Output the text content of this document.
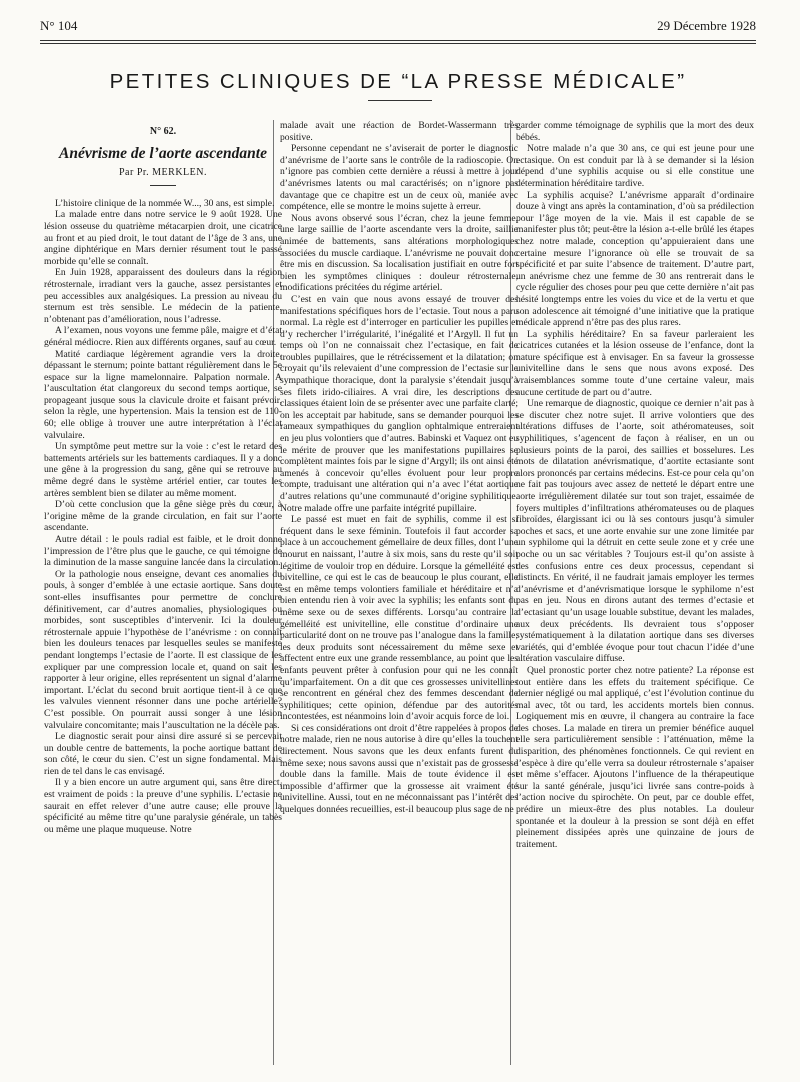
N° 104	29 Décembre 1928
PETITES CLINIQUES DE “LA PRESSE MÉDICALE”
N° 62.
Anévrisme de l’aorte ascendante
Par Pr. MERKLEN.

L’histoire clinique de la nommée W..., 30 ans, est simple.

La malade entre dans notre service le 9 août 1928. Une lésion osseuse du quatrième métacarpien droit, une cicatrice au front et au pied droit, le tout datant de l’âge de 3 ans, une angine diphtérique en Mars dernier résument tout le passé morbide qu’elle se connaît.

En Juin 1928, apparaissent des douleurs dans la région rétrosternale, irradiant vers la gauche, assez persistantes et peu accessibles aux analgésiques. La pression au niveau du sternum est très sensible. Le médecin de la patiente, n’obtenant pas d’amélioration, nous l’adresse.

A l’examen, nous voyons une femme pâle, maigre et d’état général médiocre. Rien aux différents organes, sauf au cœur.

Matité cardiaque légèrement agrandie vers la droite, dépassant le sternum; pointe battant régulièrement dans le 5e espace sur la ligne mamelonnaire. Palpation normale. A l’auscultation état clangoreux du second temps aortique, se propageant jusque sous la clavicule droite et faisant prévoir, selon la règle, une hypertension. Mais la tension est de 110-60; elle oblige à trouver une autre interprétation à l’éclat valvulaire.

Un symptôme peut mettre sur la voie : c’est le retard des battements artériels sur les battements cardiaques. Il y a donc une gêne à la progression du sang, gêne qui se retrouve au même degré dans le système artériel entier, car toutes les artères semblent bien se dilater au même moment.

D’où cette conclusion que la gêne siège près du cœur, à l’origine même de la grande circulation, en fait sur l’aorte ascendante.

Autre détail : le pouls radial est faible, et le droit donne l’impression de l’être plus que le gauche, ce qui témoigne de la diminution de la masse sanguine lancée dans la circulation.

Or la pathologie nous enseigne, devant ces anomalies du pouls, à songer d’emblée à une ectasie aortique. Sans doute sont-elles insuffisantes pour permettre de conclure définitivement, car d’autres anomalies, physiologiques ou morbides, sont susceptibles d’intervenir. Ici la douleur rétrosternale appuie l’hypothèse de l’anévrisme : on connaît bien les douleurs tenaces par lesquelles seules se manifeste pendant longtemps l’ectasie de l’aorte. Il est classique de les expliquer par une compression locale et, quand on sait les rapporter à leur origine, elles représentent un signal d’alarme important. L’éclat du second bruit aortique tient-il à ce que les valvules viennent résonner dans une poche artérielle? C’est possible. On pourrait aussi songer à une lésion valvulaire concomitante; mais l’auscultation ne la décèle pas.

Le diagnostic serait pour ainsi dire assuré si se percevait un double centre de battements, la poche aortique battant de son côté, le cœur du sien. C’est un signe fondamental. Mais rien de tel dans le cas envisagé.

Il y a bien encore un autre argument qui, sans être direct, est vraiment de poids : la preuve d’une syphilis. L’ectasie ne saurait en effet relever d’une autre cause; elle prouve la spécificité au même titre qu’une paralysie générale, un tabès ou même une plaque muqueuse. Notre

malade avait une réaction de Bordet-Wassermann très positive.

Personne cependant ne s’aviserait de porter le diagnostic d’anévrisme de l’aorte sans le contrôle de la radioscopie. On n’ignore pas combien cette dernière a réussi à mettre à jour d’anévrismes latents ou mal caractérisés; on n’ignore pas davantage que ce chapitre est un de ceux où, maniée avec compétence, elle se montre le moins sujette à erreur.

Nous avons observé sous l’écran, chez la jeune femme, une large saillie de l’aorte ascendante vers la droite, saillie animée de battements, sans altérations morphologiques associées du muscle cardiaque. L’anévrisme ne pouvait donc être mis en discussion. Sa localisation justifiait en outre fort bien les symptômes cliniques : douleur rétrosternale, modifications précitées du régime artériel.

C’est en vain que nous avons essayé de trouver des manifestations spécifiques hors de l’ectasie. Tout nous a paru normal. La règle est d’interroger en particulier les pupilles et d’y rechercher l’irrégularité, l’inégalité et l’Argyll. Il fut un temps où l’on ne connaissait chez l’ectasique, en fait de troubles pupillaires, que le rétrécissement et la dilatation; on croyait qu’ils relevaient d’une compression de l’ectasie sur le sympathique thoracique, dont la paralysie s’étendait jusqu’à ses filets irido-ciliaires. A vrai dire, les descriptions des classiques étaient loin de se présenter avec une parfaite clarté; on les acceptait par habitude, sans se demander pourquoi les rameaux sympathiques du ganglion ophtalmique entreraient en jeu plus volontiers que d’autres. Babinski et Vaquez ont eu le mérite de prouver que les manifestations pupillaires se complètent maintes fois par le signe d’Argyll; ils ont ainsi été amenés à concevoir qu’elles évoluent pour leur propre compte, traduisant une altération qui n’a avec l’état aortique d’autres relations qu’une communauté d’origine syphilitique. Notre malade offre une parfaite intégrité pupillaire.

Le passé est muet en fait de syphilis, comme il est si fréquent dans le sexe féminin. Toutefois il faut accorder sa place à un accouchement gémellaire de deux filles, dont l’une mourut en naissant, l’autre à six mois, sans du reste qu’il soit légitime de vouloir trop en déduire. Lorsque la gémelléité est bivitelline, ce qui est le cas de beaucoup le plus courant, elle est en même temps volontiers familiale et héréditaire et n’a bien entendu rien à voir avec la syphilis; les enfants sont du même sexe ou de sexes différents. Lorsqu’au contraire la gémelléité est univitelline, elle constitue d’ordinaire une particularité dont on ne trouve pas l’analogue dans la famille; les deux produits sont nécessairement du même sexe et affectent entre eux une grande ressemblance, au point que les enfants peuvent prêter à confusion pour qui ne les connaît qu’imparfaitement. On a dit que ces grossesses univitellines se rencontrent en général chez des femmes descendant de syphilitiques; cette opinion, défendue par des autorités incontestées, est néanmoins loin d’avoir acquis force de loi.

Si ces considérations ont droit d’être rappelées à propos de notre malade, rien ne nous autorise à dire qu’elles la touchent directement. Nous savons que les deux enfants furent du même sexe; nous savons aussi que n’existait pas de grossesse double dans la famille. Mais de toute évidence il est impossible d’affirmer que la grossesse ait vraiment été univitelline. Aussi, tout en ne méconnaissant pas l’intérêt des quelques données recueillies, est-il beaucoup plus sage de ne

garder comme témoignage de syphilis que la mort des deux bébés.

Notre malade n’a que 30 ans, ce qui est jeune pour une ectasique. On est conduit par là à se demander si la lésion dépend d’une syphilis acquise ou si elle constitue une détermination héréditaire tardive.

La syphilis acquise? L’anévrisme apparaît d’ordinaire douze à vingt ans après la contamination, d’où sa prédilection pour l’âge moyen de la vie. Mais il est capable de se manifester plus tôt; peut-être la lésion a-t-elle brûlé les étapes chez notre malade, conception qu’appuieraient dans une certaine mesure l’ignorance où elle se trouvait de sa spécificité et par suite l’absence de traitement. D’autre part, un anévrisme chez une femme de 30 ans rentrerait dans le cycle régulier des choses pour peu que cette dernière n’ait pas hésité longtemps entre les voies du vice et de la vertu et que son adolescence ait témoigné d’une initiative que la pratique médicale apprend n’être pas des plus rares.

La syphilis héréditaire? En sa faveur parleraient les cicatrices cutanées et la lésion osseuse de l’enfance, dont la nature spécifique est à envisager. En sa faveur la grossesse univitelline dans le sens que nous avons exposé. Des vraisemblances somme toute d’une certaine valeur, mais aucune certitude de part ou d’autre.

Une remarque de diagnostic, quoique ce dernier n’ait pas à se discuter chez notre sujet. Il arrive volontiers que des altérations diffuses de l’aorte, soit athéromateuses, soit syphilitiques, s’agencent de façon à réaliser, en un ou plusieurs points de la paroi, des saillies et bosselures. Les mots de dilatation anévrismatique, d’aortite ectasiante sont alors prononcés par certains médecins. Est-ce pour cela qu’on ne fait pas toujours avec assez de netteté le départ entre une aorte irrégulièrement dilatée sur tout son trajet, essaimée de foyers multiples d’infiltrations athéromateuses ou de plaques fibroïdes, élargissant ici ou là ses contours jusqu’à simuler poches et sacs, et une aorte envahie sur une zone limitée par un syphilome qui la détruit en cette seule zone et y crée une poche ou un sac véritables ? Toujours est-il qu’on assiste à des confusions entre ces deux processus, cependant si distincts. En vérité, il ne faudrait jamais employer les termes d’anévrisme et d’anévrismatique lorsque le syphilome n’est pas en jeu. Nous en dirons autant des termes d’ectasie et d’ectasiant qu’un usage louable substitue, devant les malades, aux deux précédents. Ils devraient tous s’opposer systématiquement à la dilatation aortique dans ses diverses variétés, qui d’emblée évoque pour tout chacun l’idée d’une altération vasculaire diffuse.

Quel pronostic porter chez notre patiente? La réponse est tout entière dans les effets du traitement spécifique. Ce dernier négligé ou mal appliqué, c’est l’évolution continue du mal avec, tôt ou tard, les accidents mortels bien connus. Logiquement mis en œuvre, il changera au contraire la face des choses. La malade en tirera un premier bénéfice auquel elle sera particulièrement sensible : l’atténuation, même la disparition, des phénomènes fonctionnels. Ce qui revient en l’espèce à dire qu’elle verra sa douleur rétrosternale s’apaiser et même s’effacer. Ajoutons l’influence de la thérapeutique sur la santé générale, jusqu’ici livrée sans contre-poids à l’action nocive du spirochète. On peut, par ce double effet, prédire un mieux-être des plus notables. La douleur spontanée et la douleur à la pression se sont déjà en effet pleinement dissipées après une quinzaine de jours de traitement.
